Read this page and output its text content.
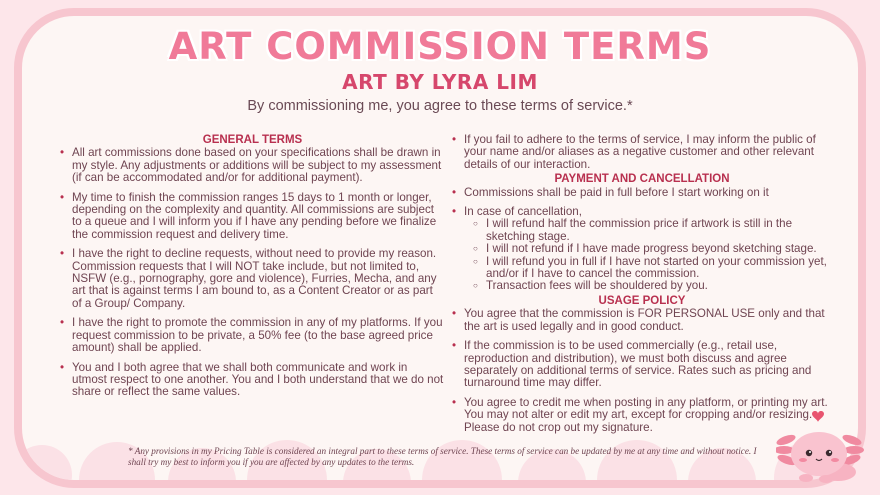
ART COMMISSION TERMS
ART BY LYRA LIM
By commissioning me, you agree to these terms of service.*
GENERAL TERMS
• All art commissions done based on your specifications shall be drawn in my style. Any adjustments or additions will be subject to my assessment (if can be accommodated and/or for additional payment).
• My time to finish the commission ranges 15 days to 1 month or longer, depending on the complexity and quantity. All commissions are subject to a queue and I will inform you if I have any pending before we finalize the commission request and delivery time.
• I have the right to decline requests, without need to provide my reason. Commission requests that I will NOT take include, but not limited to, NSFW (e.g., pornography, gore and violence), Furries, Mecha, and any art that is against terms I am bound to, as a Content Creator or as part of a Group/ Company.
• I have the right to promote the commission in any of my platforms. If you request commission to be private, a 50% fee (to the base agreed price amount) shall be applied.
• You and I both agree that we shall both communicate and work in utmost respect to one another. You and I both understand that we do not share or reflect the same values.
• If you fail to adhere to the terms of service, I may inform the public of your name and/or aliases as a negative customer and other relevant details of our interaction.
PAYMENT AND CANCELLATION
• Commissions shall be paid in full before I start working on it
• In case of cancellation,
○ I will refund half the commission price if artwork is still in the sketching stage.
○ I will not refund if I have made progress beyond sketching stage.
○ I will refund you in full if I have not started on your commission yet, and/or if I have to cancel the commission.
○ Transaction fees will be shouldered by you.
USAGE POLICY
• You agree that the commission is FOR PERSONAL USE only and that the art is used legally and in good conduct.
• If the commission is to be used commercially (e.g., retail use, reproduction and distribution), we must both discuss and agree separately on additional terms of service. Rates such as pricing and turnaround time may differ.
• You agree to credit me when posting in any platform, or printing my art. You may not alter or edit my art, except for cropping and/or resizing. Please do not crop out my signature.
* Any provisions in my Pricing Table is considered an integral part to these terms of service. These terms of service can be updated by me at any time and without notice. I shall try my best to inform you if you are affected by any updates to the terms.
